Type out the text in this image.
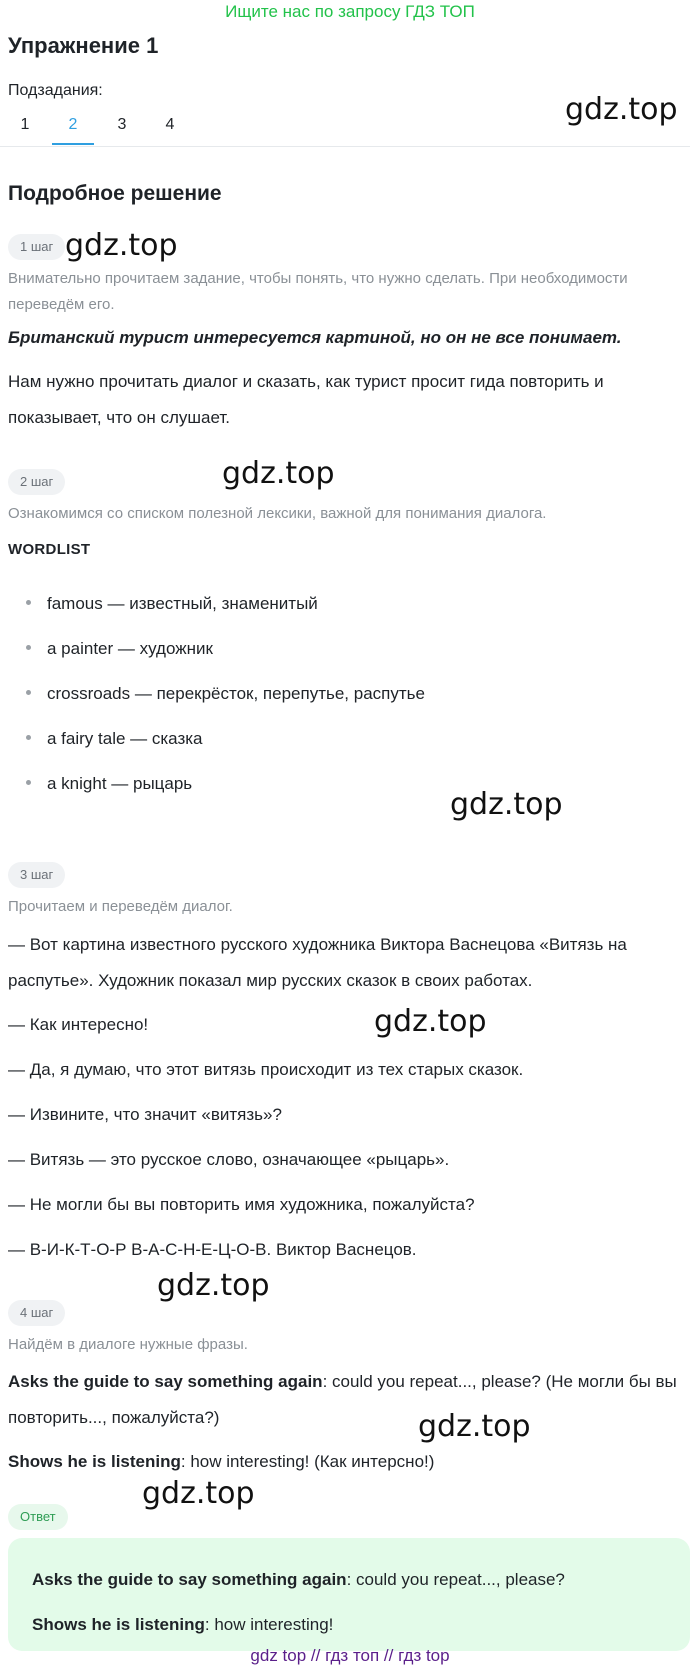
Ищите нас по запросу ГДЗ ТОП
Упражнение 1
Подзадания:
1	2	3	4	gdz.top
Подробное решение
1 шаг gdz.top
Внимательно прочитаем задание, чтобы понять, что нужно сделать. При необходимости переведём его.
Британский турист интересуется картиной, но он не все понимает.
Нам нужно прочитать диалог и сказать, как турист просит гида повторить и показывает, что он слушает.
2 шаг	gdz.top
Ознакомимся со списком полезной лексики, важной для понимания диалога.
WORDLIST
famous — известный, знаменитый
a painter — художник
crossroads — перекрёсток, перепутье, распутье
a fairy tale — сказка
a knight — рыцарь
gdz.top
3 шаг
Прочитаем и переведём диалог.
— Вот картина известного русского художника Виктора Васнецова «Витязь на распутье». Художник показал мир русских сказок в своих работах.
— Как интересно!	gdz.top
— Да, я думаю, что этот витязь происходит из тех старых сказок.
— Извините, что значит «витязь»?
— Витязь — это русское слово, означающее «рыцарь».
— Не могли бы вы повторить имя художника, пожалуйста?
— В-И-К-Т-О-Р В-А-С-Н-Е-Ц-О-В. Виктор Васнецов.
gdz.top
4 шаг
Найдём в диалоге нужные фразы.
Asks the guide to say something again: could you repeat..., please? (Не могли бы вы повторить..., пожалуйста?)	gdz.top
Shows he is listening: how interesting! (Как интерсно!)
gdz.top
Ответ
Asks the guide to say something again: could you repeat..., please?
Shows he is listening: how interesting!
gdz top // гдз топ // гдз top
